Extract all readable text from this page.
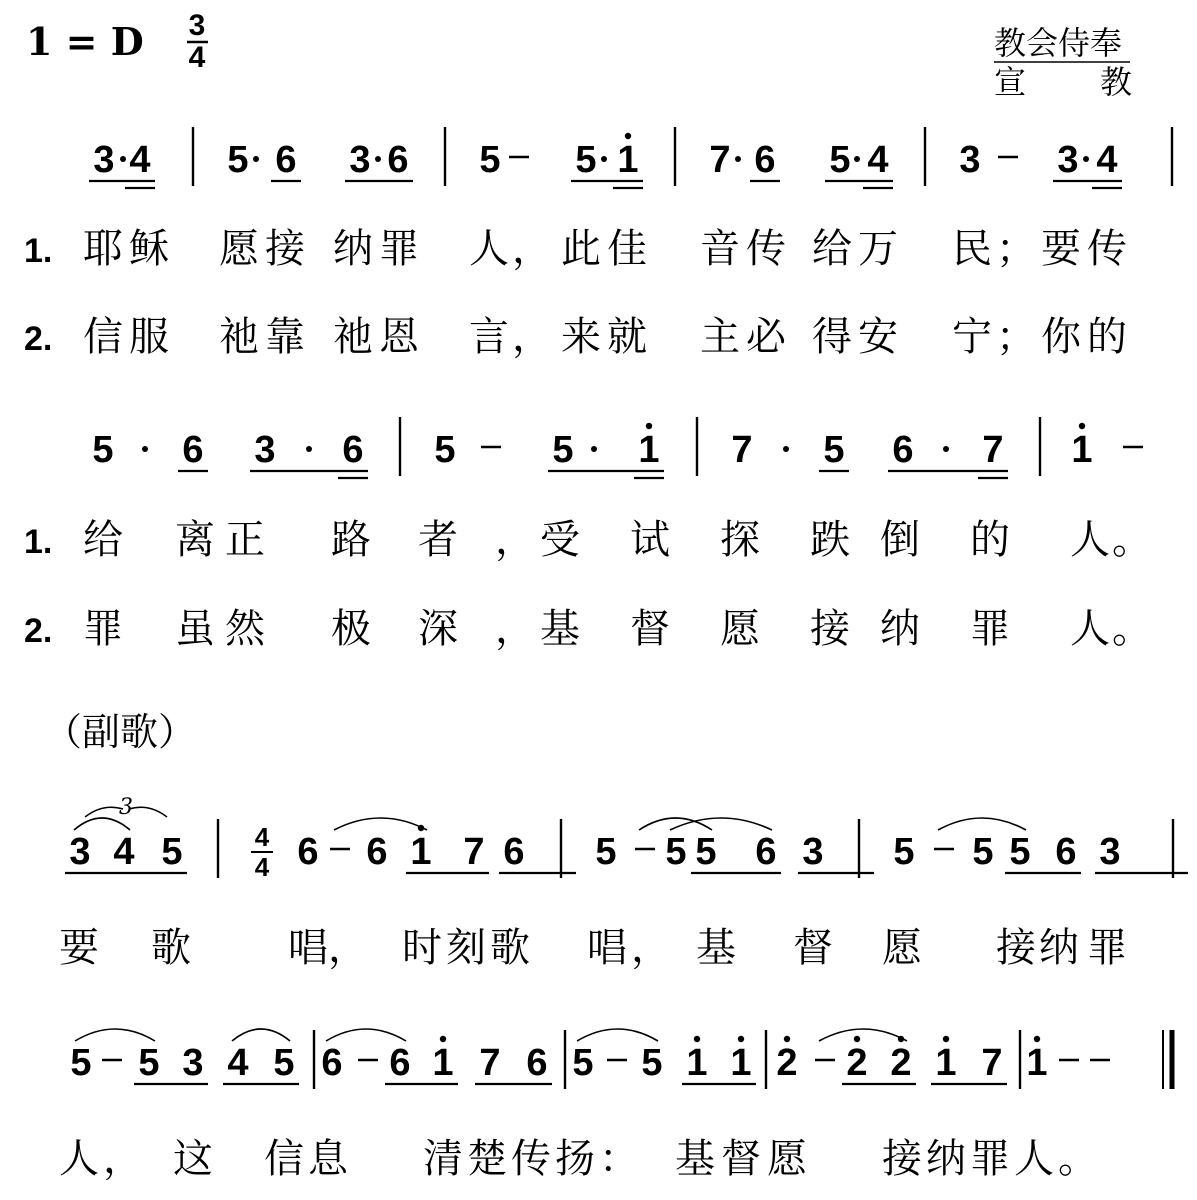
1 = D 3
4	教会侍奉
宣 教
3 4 5 6 3 6 5 5 1 7 6 5 4 3 3 4
1. 耶 稣 愿 接 纳 罪 人 ， 此 佳 音 传 给 万 民 ； 要 传
2. 信 服 祂 靠 祂 恩 言 ， 来 就 主 必 得 安 宁 ； 你 的
5 6 3 6 5	5 1 7 5 6 7 1
1. 给 离 正 路 者 ， 受 试 探 跌 倒 的 人 。
2. 罪 虽 然 极 深 ， 基 督 愿 接 纳 罪 人 。
（副歌）
3 4 5	4
4 6 6 1 7 6 5 5 5 6 3 5 5 5 6 3
3
要 歌 唱 ， 时 刻 歌 唱 ， 基 督 愿 接 纳 罪
5 5 3 4 5 6 6 1 7 6 5 5 1 1 2 2 2 1 7 1
人 ， 这 信 息 清 楚 传 扬 ： 基 督 愿 接 纳 罪 人 。
